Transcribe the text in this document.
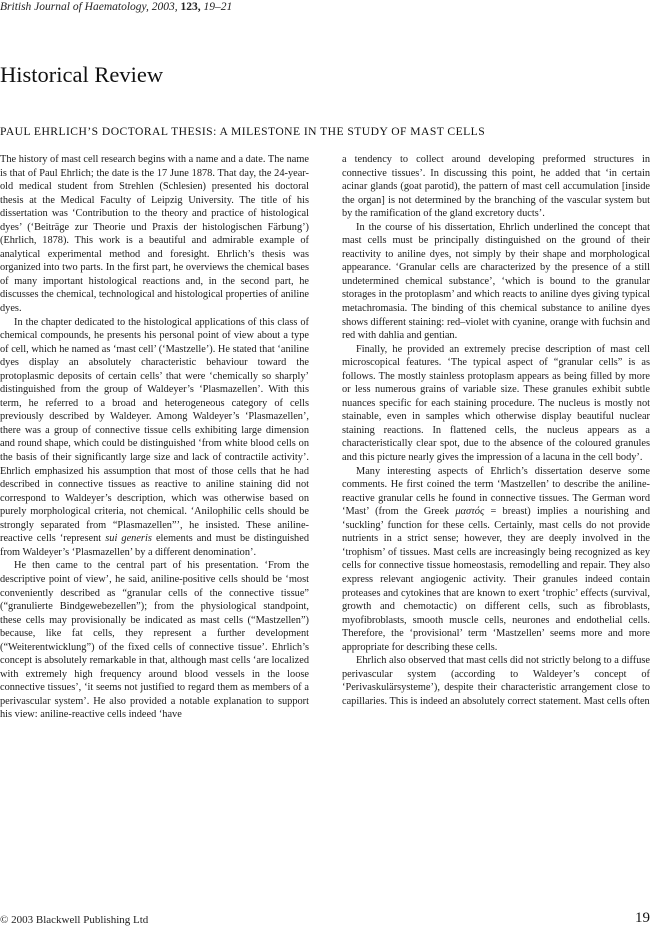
British Journal of Haematology, 2003, 123, 19–21
Historical Review
PAUL EHRLICH’S DOCTORAL THESIS: A MILESTONE IN THE STUDY OF MAST CELLS

The history of mast cell research begins with a name and a date. The name is that of Paul Ehrlich; the date is the 17 June 1878. That day, the 24-year-old medical student from Strehlen (Schlesien) presented his doctoral thesis at the Medical Faculty of Leipzig University. The title of his dissertation was ‘Contribution to the theory and practice of histological dyes’ (‘Beiträge zur Theorie und Praxis der histologischen Färbung’) (Ehrlich, 1878). This work is a beautiful and admirable example of analytical experimental method and foresight. Ehrlich’s thesis was organized into two parts. In the first part, he overviews the chemical bases of many important histological reactions and, in the second part, he discusses the chemical, technological and histological properties of aniline dyes.

In the chapter dedicated to the histological applications of this class of chemical compounds, he presents his personal point of view about a type of cell, which he named as ‘mast cell’ (‘Mastzelle’). He stated that ‘aniline dyes display an absolutely characteristic behaviour toward the protoplasmic deposits of certain cells’ that were ‘chemically so sharply’ distinguished from the group of Waldeyer’s ‘Plasmazellen’. With this term, he referred to a broad and heterogeneous category of cells previously described by Waldeyer. Among Waldeyer’s ‘Plasmazellen’, there was a group of connective tissue cells exhibiting large dimension and round shape, which could be distinguished ‘from white blood cells on the basis of their significantly large size and lack of contractile activity’. Ehrlich emphasized his assumption that most of those cells that he had described in connective tissues as reactive to aniline staining did not correspond to Waldeyer’s description, which was otherwise based on purely morphological criteria, not chemical. ‘Anilophilic cells should be strongly separated from “Plasmazellen”’, he insisted. These aniline-reactive cells ‘represent sui generis elements and must be distinguished from Waldeyer’s ‘Plasmazellen’ by a different denomination’.

He then came to the central part of his presentation. ‘From the descriptive point of view’, he said, aniline-positive cells should be ‘most conveniently described as “granular cells of the connective tissue” (“granulierte Bindgewebezellen”); from the physiological standpoint, these cells may provisionally be indicated as mast cells (“Mastzellen”) because, like fat cells, they represent a further development (“Weiterentwicklung”) of the fixed cells of connective tissue’. Ehrlich’s concept is absolutely remarkable in that, although mast cells ‘are localized with extremely high frequency around blood vessels in the loose connective tissues’, ‘it seems not justified to regard them as members of a perivascular system’. He also provided a notable explanation to support his view: aniline-reactive cells indeed ‘have

a tendency to collect around developing preformed structures in connective tissues’. In discussing this point, he added that ‘in certain acinar glands (goat parotid), the pattern of mast cell accumulation [inside the organ] is not determined by the branching of the vascular system but by the ramification of the gland excretory ducts’.

In the course of his dissertation, Ehrlich underlined the concept that mast cells must be principally distinguished on the ground of their reactivity to aniline dyes, not simply by their shape and morphological appearance. ‘Granular cells are characterized by the presence of a still undetermined chemical substance’, ‘which is bound to the granular storages in the protoplasm’ and which reacts to aniline dyes giving typical metachromasia. The binding of this chemical substance to aniline dyes shows different staining: red–violet with cyanine, orange with fuchsin and red with dahlia and gentian.

Finally, he provided an extremely precise description of mast cell microscopical features. ‘The typical aspect of “granular cells” is as follows. The mostly stainless protoplasm appears as being filled by more or less numerous grains of variable size. These granules exhibit subtle nuances specific for each staining procedure. The nucleus is mostly not stainable, even in samples which otherwise display beautiful nuclear staining reactions. In flattened cells, the nucleus appears as a characteristically clear spot, due to the absence of the coloured granules and this picture nearly gives the impression of a lacuna in the cell body’.

Many interesting aspects of Ehrlich’s dissertation deserve some comments. He first coined the term ‘Mastzellen’ to describe the aniline-reactive granular cells he found in connective tissues. The German word ‘Mast’ (from the Greek μαστός = breast) implies a nourishing and ‘suckling’ function for these cells. Certainly, mast cells do not provide nutrients in a strict sense; however, they are deeply involved in the ‘trophism’ of tissues. Mast cells are increasingly being recognized as key cells for connective tissue homeostasis, remodelling and repair. They also express relevant angiogenic activity. Their granules indeed contain proteases and cytokines that are known to exert ‘trophic’ effects (survival, growth and chemotactic) on different cells, such as fibroblasts, myofibroblasts, smooth muscle cells, neurones and endothelial cells. Therefore, the ‘provisional’ term ‘Mastzellen’ seems more and more appropriate for describing these cells.

Ehrlich also observed that mast cells did not strictly belong to a diffuse perivascular system (according to Waldeyer’s concept of ‘Perivaskulärsysteme’), despite their characteristic arrangement close to capillaries. This is indeed an absolutely correct statement. Mast cells often

© 2003 Blackwell Publishing Ltd	19
